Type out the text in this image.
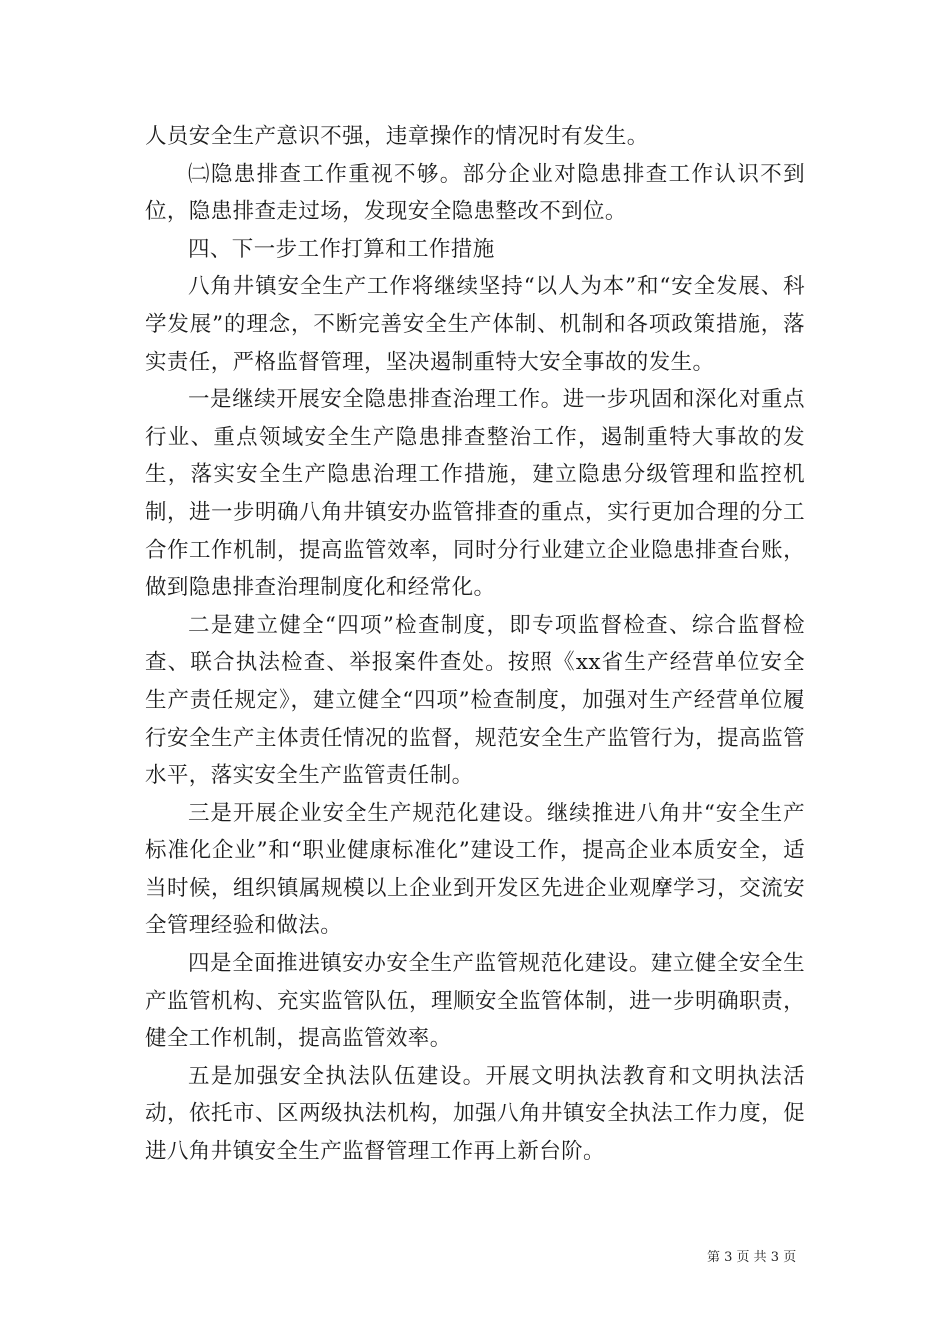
人员安全生产意识不强，违章操作的情况时有发生。

㈡隐患排查工作重视不够。部分企业对隐患排查工作认识不到位，隐患排查走过场，发现安全隐患整改不到位。

四、下一步工作打算和工作措施

八角井镇安全生产工作将继续坚持“以人为本”和“安全发展、科学发展”的理念，不断完善安全生产体制、机制和各项政策措施，落实责任，严格监督管理，坚决遏制重特大安全事故的发生。

一是继续开展安全隐患排查治理工作。进一步巩固和深化对重点行业、重点领域安全生产隐患排查整治工作，遏制重特大事故的发生，落实安全生产隐患治理工作措施，建立隐患分级管理和监控机制，进一步明确八角井镇安办监管排查的重点，实行更加合理的分工合作工作机制，提高监管效率，同时分行业建立企业隐患排查台账，做到隐患排查治理制度化和经常化。

二是建立健全“四项”检查制度，即专项监督检查、综合监督检查、联合执法检查、举报案件查处。按照《xx省生产经营单位安全生产责任规定》，建立健全“四项”检查制度，加强对生产经营单位履行安全生产主体责任情况的监督，规范安全生产监管行为，提高监管水平，落实安全生产监管责任制。

三是开展企业安全生产规范化建设。继续推进八角井“安全生产标准化企业”和“职业健康标准化”建设工作，提高企业本质安全，适当时候，组织镇属规模以上企业到开发区先进企业观摩学习，交流安全管理经验和做法。

四是全面推进镇安办安全生产监管规范化建设。建立健全安全生产监管机构、充实监管队伍，理顺安全监管体制，进一步明确职责，健全工作机制，提高监管效率。

五是加强安全执法队伍建设。开展文明执法教育和文明执法活动，依托市、区两级执法机构，加强八角井镇安全执法工作力度，促进八角井镇安全生产监督管理工作再上新台阶。

第 3 页 共 3 页
